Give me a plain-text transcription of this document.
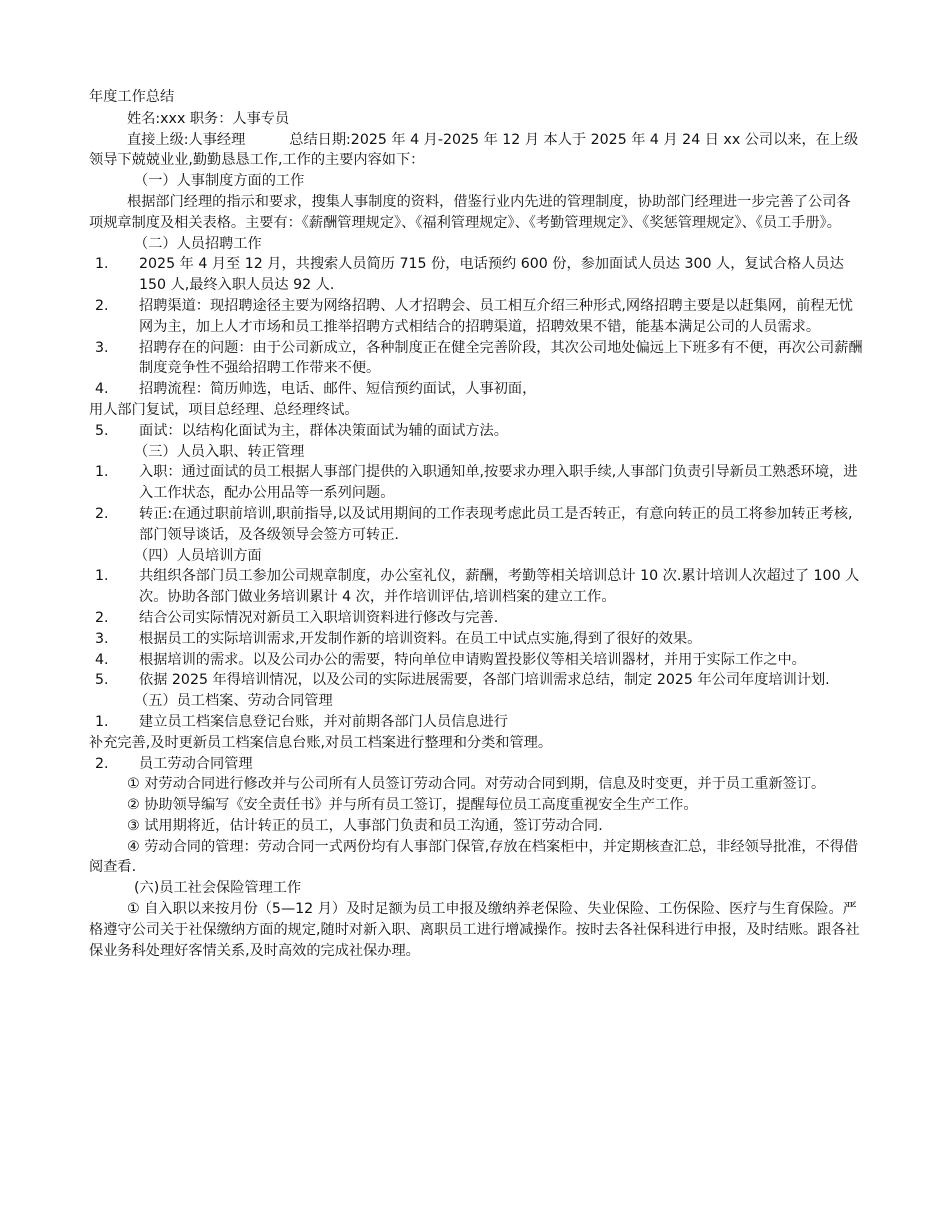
年度工作总结

姓名:xxx 职务：人事专员

直接上级:人事经理	总结日期:2025 年 4 月-2025 年 12 月 本人于 2025 年 4 月 24 日 xx 公司以来，在上级领导下兢兢业业,勤勤恳恳工作,工作的主要内容如下：

（一）人事制度方面的工作

根据部门经理的指示和要求，搜集人事制度的资料，借鉴行业内先进的管理制度，协助部门经理进一步完善了公司各项规章制度及相关表格。主要有：《薪酬管理规定》、《福利管理规定》、《考勤管理规定》、《奖惩管理规定》、《员工手册》。

（二）人员招聘工作

1.	2025 年 4 月至 12 月，共搜索人员简历 715 份，电话预约 600 份，参加面试人员达 300 人，复试合格人员达 150 人,最终入职人员达 92 人.
2.	招聘渠道：现招聘途径主要为网络招聘、人才招聘会、员工相互介绍三种形式,网络招聘主要是以赶集网，前程无忧网为主，加上人才市场和员工推举招聘方式相结合的招聘渠道，招聘效果不错，能基本满足公司的人员需求。
3.	招聘存在的问题：由于公司新成立，各种制度正在健全完善阶段，其次公司地处偏远上下班多有不便，再次公司薪酬制度竞争性不强给招聘工作带来不便。
4.	招聘流程：简历帅选，电话、邮件、短信预约面试，人事初面，

用人部门复试，项目总经理、总经理终试。

5.	面试：以结构化面试为主，群体决策面试为辅的面试方法。

（三）人员入职、转正管理

1.	入职：通过面试的员工根据人事部门提供的入职通知单,按要求办理入职手续,人事部门负责引导新员工熟悉环境，进入工作状态，配办公用品等一系列问题。
2.	转正:在通过职前培训,职前指导,以及试用期间的工作表现考虑此员工是否转正，有意向转正的员工将参加转正考核,部门领导谈话，及各级领导会签方可转正.

（四）人员培训方面

1.	共组织各部门员工参加公司规章制度，办公室礼仪，薪酬，考勤等相关培训总计 10 次.累计培训人次超过了 100 人次。协助各部门做业务培训累计 4 次，并作培训评估,培训档案的建立工作。
2.	结合公司实际情况对新员工入职培训资料进行修改与完善.
3.	根据员工的实际培训需求,开发制作新的培训资料。在员工中试点实施,得到了很好的效果。
4.	根据培训的需求。以及公司办公的需要，特向单位申请购置投影仪等相关培训器材，并用于实际工作之中。
5.	依据 2025 年得培训情况，以及公司的实际进展需要，各部门培训需求总结，制定 2025 年公司年度培训计划.

（五）员工档案、劳动合同管理

1.	建立员工档案信息登记台账，并对前期各部门人员信息进行

补充完善,及时更新员工档案信息台账,对员工档案进行整理和分类和管理。

2.	员工劳动合同管理

① 对劳动合同进行修改并与公司所有人员签订劳动合同。对劳动合同到期，信息及时变更，并于员工重新签订。

② 协助领导编写《安全责任书》并与所有员工签订，提醒每位员工高度重视安全生产工作。

③ 试用期将近，估计转正的员工，人事部门负责和员工沟通，签订劳动合同.

④ 劳动合同的管理：劳动合同一式两份均有人事部门保管,存放在档案柜中，并定期核查汇总，非经领导批准，不得借阅查看.

(六)员工社会保险管理工作

① 自入职以来按月份（5—12 月）及时足额为员工申报及缴纳养老保险、失业保险、工伤保险、医疗与生育保险。严格遵守公司关于社保缴纳方面的规定,随时对新入职、离职员工进行增减操作。按时去各社保科进行申报，及时结账。跟各社保业务科处理好客情关系,及时高效的完成社保办理。
